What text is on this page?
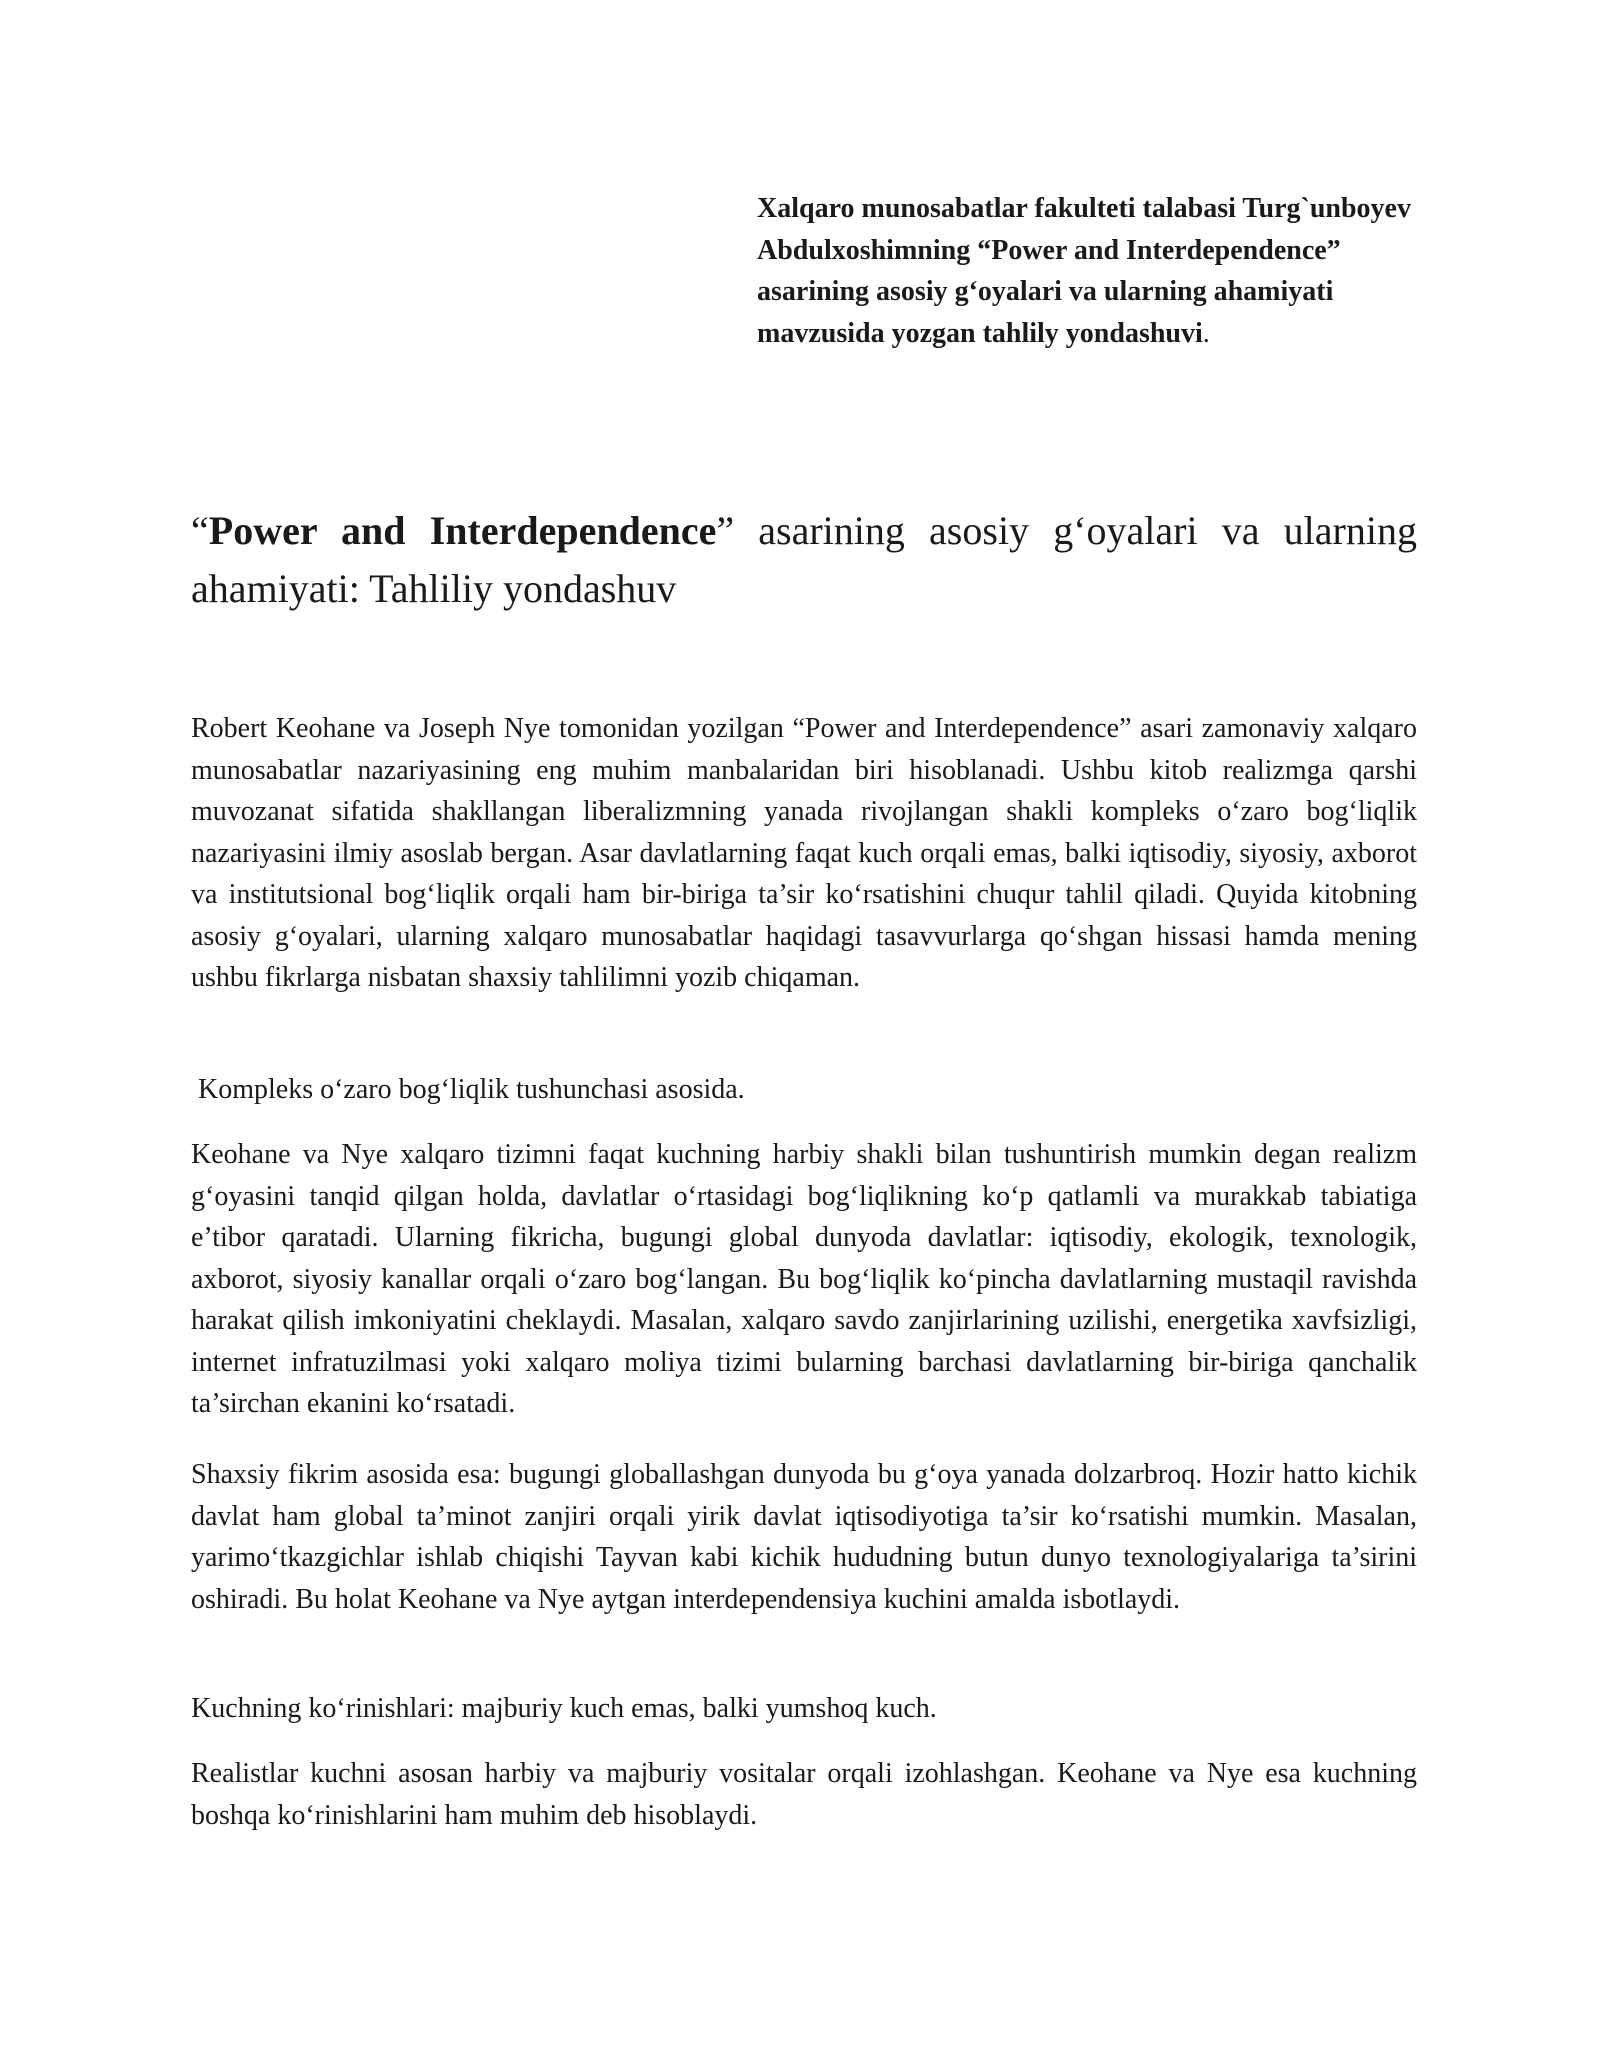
Xalqaro munosabatlar fakulteti talabasi Turg`unboyev Abdulxoshimning “Power and Interdependence” asarining asosiy g‘oyalari va ularning ahamiyati mavzusida yozgan tahlily yondashuvi.
“Power and Interdependence” asarining asosiy g‘oyalari va ularning ahamiyati: Tahliliy yondashuv

Robert Keohane va Joseph Nye tomonidan yozilgan “Power and Interdependence” asari zamonaviy xalqaro munosabatlar nazariyasining eng muhim manbalaridan biri hisoblanadi. Ushbu kitob realizmga qarshi muvozanat sifatida shakllangan liberalizmning yanada rivojlangan shakli kompleks o‘zaro bog‘liqlik nazariyasini ilmiy asoslab bergan. Asar davlatlarning faqat kuch orqali emas, balki iqtisodiy, siyosiy, axborot va institutsional bog‘liqlik orqali ham bir-biriga ta’sir ko‘rsatishini chuqur tahlil qiladi. Quyida kitobning asosiy g‘oyalari, ularning xalqaro munosabatlar haqidagi tasavvurlarga qo‘shgan hissasi hamda mening ushbu fikrlarga nisbatan shaxsiy tahlilimni yozib chiqaman.

Kompleks o‘zaro bog‘liqlik tushunchasi asosida.

Keohane va Nye xalqaro tizimni faqat kuchning harbiy shakli bilan tushuntirish mumkin degan realizm g‘oyasini tanqid qilgan holda, davlatlar o‘rtasidagi bog‘liqlikning ko‘p qatlamli va murakkab tabiatiga e’tibor qaratadi. Ularning fikricha, bugungi global dunyoda davlatlar: iqtisodiy, ekologik, texnologik, axborot, siyosiy kanallar orqali o‘zaro bog‘langan. Bu bog‘liqlik ko‘pincha davlatlarning mustaqil ravishda harakat qilish imkoniyatini cheklaydi. Masalan, xalqaro savdo zanjirlarining uzilishi, energetika xavfsizligi, internet infratuzilmasi yoki xalqaro moliya tizimi bularning barchasi davlatlarning bir-biriga qanchalik ta’sirchan ekanini ko‘rsatadi.

Shaxsiy fikrim asosida esa: bugungi globallashgan dunyoda bu g‘oya yanada dolzarbroq. Hozir hatto kichik davlat ham global ta’minot zanjiri orqali yirik davlat iqtisodiyotiga ta’sir ko‘rsatishi mumkin. Masalan, yarimo‘tkazgichlar ishlab chiqishi Tayvan kabi kichik hududning butun dunyo texnologiyalariga ta’sirini oshiradi. Bu holat Keohane va Nye aytgan interdependensiya kuchini amalda isbotlaydi.

Kuchning ko‘rinishlari: majburiy kuch emas, balki yumshoq kuch.

Realistlar kuchni asosan harbiy va majburiy vositalar orqali izohlashgan. Keohane va Nye esa kuchning boshqa ko‘rinishlarini ham muhim deb hisoblaydi.
